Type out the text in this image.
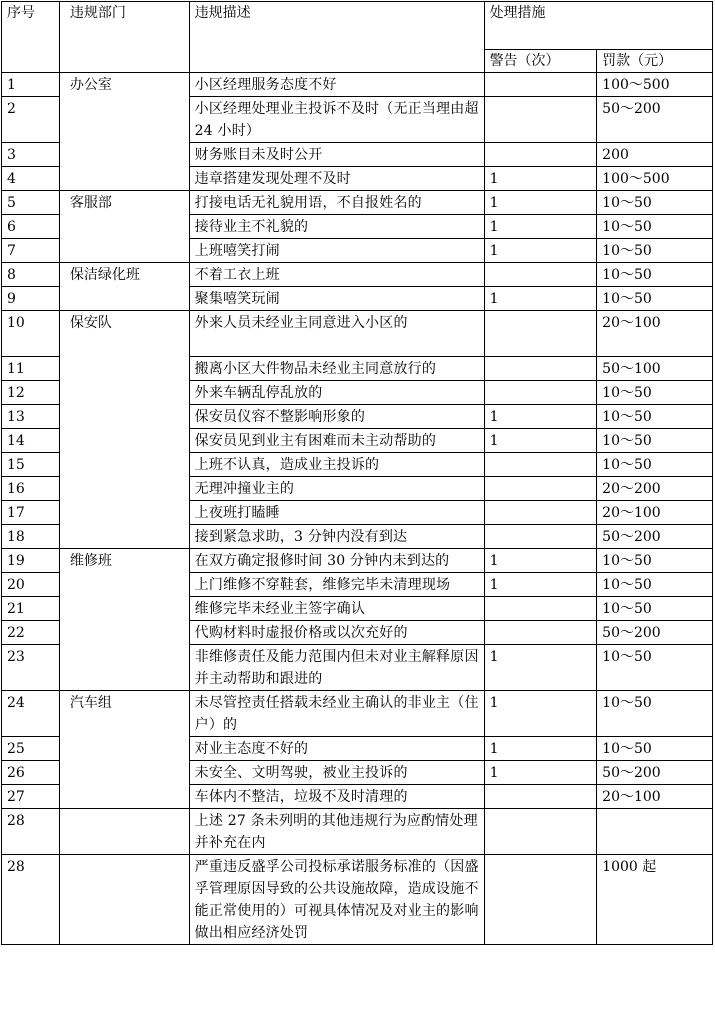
序号	违规部门	违规描述	处理措施	
			警告（次）	罚款（元）
1	办公室	小区经理服务态度不好		100～500
2		小区经理处理业主投诉不及时（无正当理由超 24 小时）		50～200
3		财务账目未及时公开		200
4		违章搭建发现处理不及时	1	100～500
5	客服部	打接电话无礼貌用语，不自报姓名的	1	10～50
6		接待业主不礼貌的	1	10～50
7		上班嘻笑打闹	1	10～50
8	保洁绿化班	不着工衣上班		10～50
9		聚集嘻笑玩闹	1	10～50
10	保安队	外来人员未经业主同意进入小区的		20～100
11		搬离小区大件物品未经业主同意放行的		50～100
12		外来车辆乱停乱放的		10～50
13		保安员仪容不整影响形象的	1	10～50
14		保安员见到业主有困难而未主动帮助的	1	10～50
15		上班不认真，造成业主投诉的		10～50
16		无理冲撞业主的		20～200
17		上夜班打瞌睡		20～100
18		接到紧急求助，3 分钟内没有到达		50～200
19	维修班	在双方确定报修时间 30 分钟内未到达的	1	10～50
20		上门维修不穿鞋套，维修完毕未清理现场	1	10～50
21		维修完毕未经业主签字确认		10～50
22		代购材料时虚报价格或以次充好的		50～200
23		非维修责任及能力范围内但未对业主解释原因并主动帮助和跟进的	1	10～50
24	汽车组	未尽管控责任搭载未经业主确认的非业主（住户）的	1	10～50
25		对业主态度不好的	1	10～50
26		未安全、文明驾驶，被业主投诉的	1	50～200
27		车体内不整洁，垃圾不及时清理的		20～100
28		上述 27 条未列明的其他违规行为应酌情处理并补充在内		
28		严重违反盛孚公司投标承诺服务标准的（因盛孚管理原因导致的公共设施故障，造成设施不能正常使用的）可视具体情况及对业主的影响做出相应经济处罚		1000 起
